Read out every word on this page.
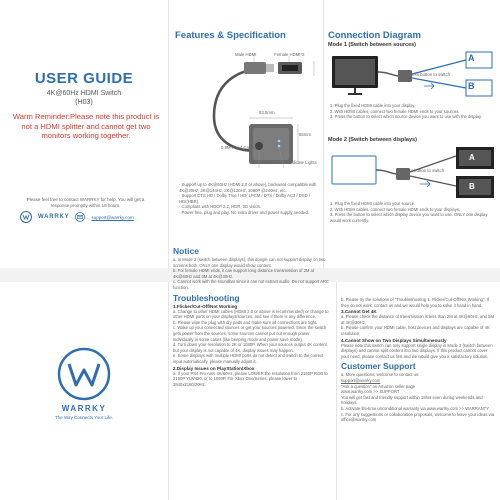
USER GUIDE
4K@60Hz HDMI Switch
(H03)
Warm Reminder:Please note this product is not a HDMI splitter and cannot get two monitors working together.
Please feel free to contact WARRKY for help. You will get a response promptly within 18 hours.
WARRKY	support@warrky.com
Features & Specification
Male HDMI	Female HDMI*2
0.9M Fixed Cable
Select Button	Indicate Lights
53.5mm
55mm
· Support up to 4K@60Hz (HDMI 2.0 or above), backward compatible with 4K@30Hz, 2K@144Hz, 2K@120Hz, 1080P @240Hz, etc.
· Support DTS HD / Dolby True / HD/ LPCM / DTS / Dolby AC3 / DSD / HDr(HBR).
· Compliant with HDCP 2.2, HDR, 3D vision.
· Power free, plug and play. No extra driver and power supply needed.
Connection Diagram
Mode 1 (Switch between sources)
A
B
Press button to switch
1. Plug the fixed HDMI cable into your display.
2. With HDMI cables, connect two female HDMI ends to your sources.
3. Press the button to select which source device you want to use with the display.
Mode 2 (Switch between displays)
A
B
Press button to switch
1. Plug the fixed HDMI cable into your source.
2. With HDMI cables, connect two female HDMI ends to your displays.
3. Press the button to select which display device you want to use. ONLY one display would work currently.
WARRKY
The Way Connects Your Life.
Notice
a. In Mode 2 (switch between displays), this dongle can not support display on two screens both. ONLY one display would show content.
b. For female HDMI ends, it can support long distance transmission of 2M at 4K@60Hz and 5M at 4K@30Hz.
c. Cannot work with the soundbar since it can not extract audio. Do not support ARC function.
Troubleshooting
1.Flicker/Cut-Off/Not Working
a. Change to other HDMI cables (HDMI 2.0 or above is recommended) or change to other HDMI ports on your displays/sources, and see if there is any difference.
b. Please wipe the plug with dry pads and make sure all connections are tight.
c. Wake up your connected sources or get your sources powered. Since the switch gets power from the sources, some sources cannot put out enough power individually in some cases (like beeping mode and power save mode).
d. Turn down your resolution to 2K or 1080P. When your sources output 4K content but your display is not capable of 4K, display issues may happen.
e. Some displays with multiple HDMI ports do not detect and switch to the correct input automatically, please manually adjust it.
2.Display Issues on PlayStation/Xbox
a. If your PS4 Pro runs 4K/60Hz, please LOWER the resolution from 2160P RGB to 2160P YUV420, or to 1080P. For Xbox One/Series, please lower to 3840x2160/20Hz.
b. Please try the solutions of "Troubleshooting 1. Flicker/Cut-Off/Not Working". If they do not work, contact us and we would help you to solve it hand in hand.
3.Cannot Get 4K
a. Please check the distance of transmission is less than 2M at 4K@60Hz, and 5M at 4K@30Hz.
b. Please confirm your HDMI cable, host devices and displays are capable of 4K resolution.
4.Cannot Show on Two Displays Simultaneously
Please note this switch can only support single display in Mode 2 (switch between displays) and cannot split content into two displays. If this product cannot cover your need, please contact us first and we would give you a satisfactory solution.
Customer Support
a. More questions, welcome to contact us:
support@warrky.com
"Ask a question" on Amazon seller page
www.warrky.com >> SUPPORT
You will get fast and friendly support within 18hrs even during weekends and holidays.
b. Activate life-time unconditional warranty via www.warrky.com >> WARRANTY
c. For any suggestions or collaboration proposals, welcome to leave your ideas via office@warrky.com
